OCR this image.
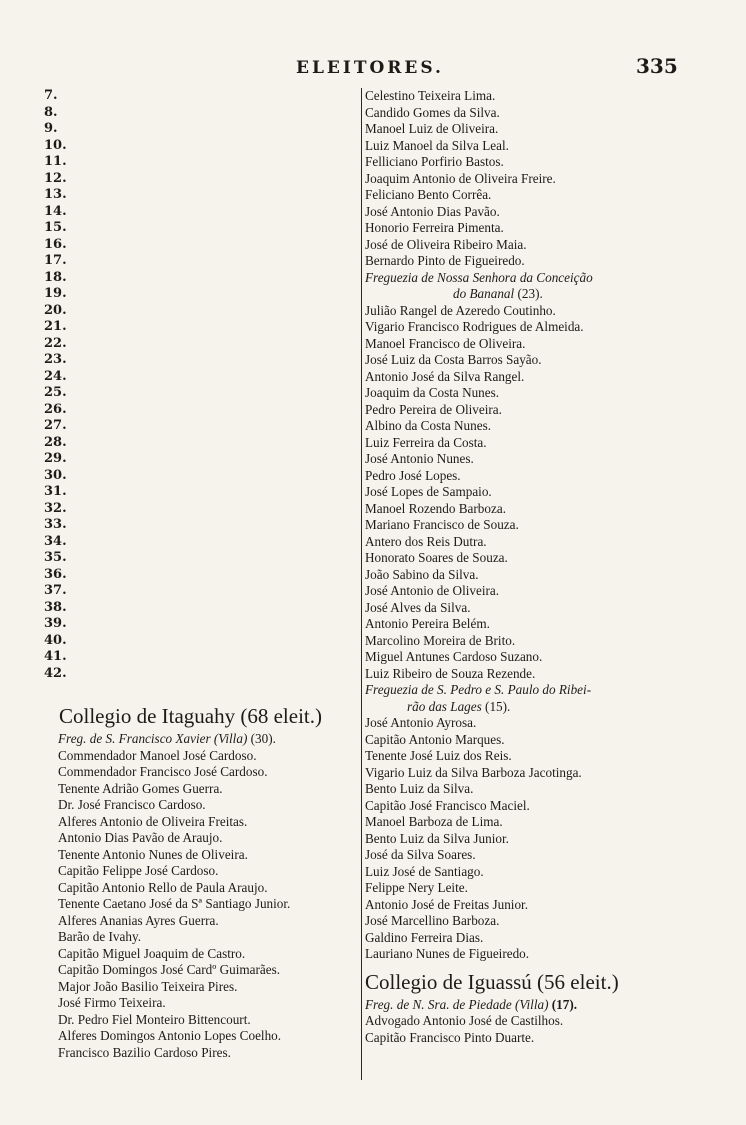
ELEITORES.	335
7.
8.
9.
10.
11.
12.
13.
14.
15.
16.
17.
18.
19.
20.
21.
22.
23.
24.
25.
26.
27.
28.
29.
30.
31.
32.
33.
34.
35.
36.
37.
38.
39.
40.
41.
42.
Celestino Teixeira Lima.
Candido Gomes da Silva.
Manoel Luiz de Oliveira.
Luiz Manoel da Silva Leal.
Felliciano Porfirio Bastos.
Joaquim Antonio de Oliveira Freire.
Feliciano Bento Corrêa.
José Antonio Dias Pavão.
Honorio Ferreira Pimenta.
José de Oliveira Ribeiro Maia.
Bernardo Pinto de Figueiredo.
Freguezia de Nossa Senhora da Conceição
do Bananal (23).
Julião Rangel de Azeredo Coutinho.
Vigario Francisco Rodrigues de Almeida.
Manoel Francisco de Oliveira.
José Luiz da Costa Barros Sayão.
Antonio José da Silva Rangel.
Joaquim da Costa Nunes.
Pedro Pereira de Oliveira.
Albino da Costa Nunes.
Luiz Ferreira da Costa.
José Antonio Nunes.
Pedro José Lopes.
José Lopes de Sampaio.
Manoel Rozendo Barboza.
Mariano Francisco de Souza.
Antero dos Reis Dutra.
Honorato Soares de Souza.
João Sabino da Silva.
José Antonio de Oliveira.
José Alves da Silva.
Antonio Pereira Belém.
Marcolino Moreira de Brito.
Miguel Antunes Cardoso Suzano.
Luiz Ribeiro de Souza Rezende.
Freguezia de S. Pedro e S. Paulo do Ribei-
rão das Lages (15).
José Antonio Ayrosa.
Capitão Antonio Marques.
Tenente José Luiz dos Reis.
Vigario Luiz da Silva Barboza Jacotinga.
Bento Luiz da Silva.
Capitão José Francisco Maciel.
Manoel Barboza de Lima.
Bento Luiz da Silva Junior.
José da Silva Soares.
Luiz José de Santiago.
Felippe Nery Leite.
Antonio José de Freitas Junior.
José Marcellino Barboza.
Galdino Ferreira Dias.
Lauriano Nunes de Figueiredo.
Collegio de Iguassú (56 eleit.)
Freg. de N. Sra. de Piedade (Villa) (17).
Advogado Antonio José de Castilhos.
Capitão Francisco Pinto Duarte.
Collegio de Itaguahy (68 eleit.)
Freg. de S. Francisco Xavier (Villa) (30).
Commendador Manoel José Cardoso.
Commendador Francisco José Cardoso.
Tenente Adrião Gomes Guerra.
Dr. José Francisco Cardoso.
Alferes Antonio de Oliveira Freitas.
Antonio Dias Pavão de Araujo.
Tenente Antonio Nunes de Oliveira.
Capitão Felippe José Cardoso.
Capitão Antonio Rello de Paula Araujo.
Tenente Caetano José da Sª Santiago Junior.
Alferes Ananias Ayres Guerra.
Barão de Ivahy.
Capitão Miguel Joaquim de Castro.
Capitão Domingos José Cardº Guimarães.
Major João Basilio Teixeira Pires.
José Firmo Teixeira.
Dr. Pedro Fiel Monteiro Bittencourt.
Alferes Domingos Antonio Lopes Coelho.
Francisco Bazilio Cardoso Pires.
